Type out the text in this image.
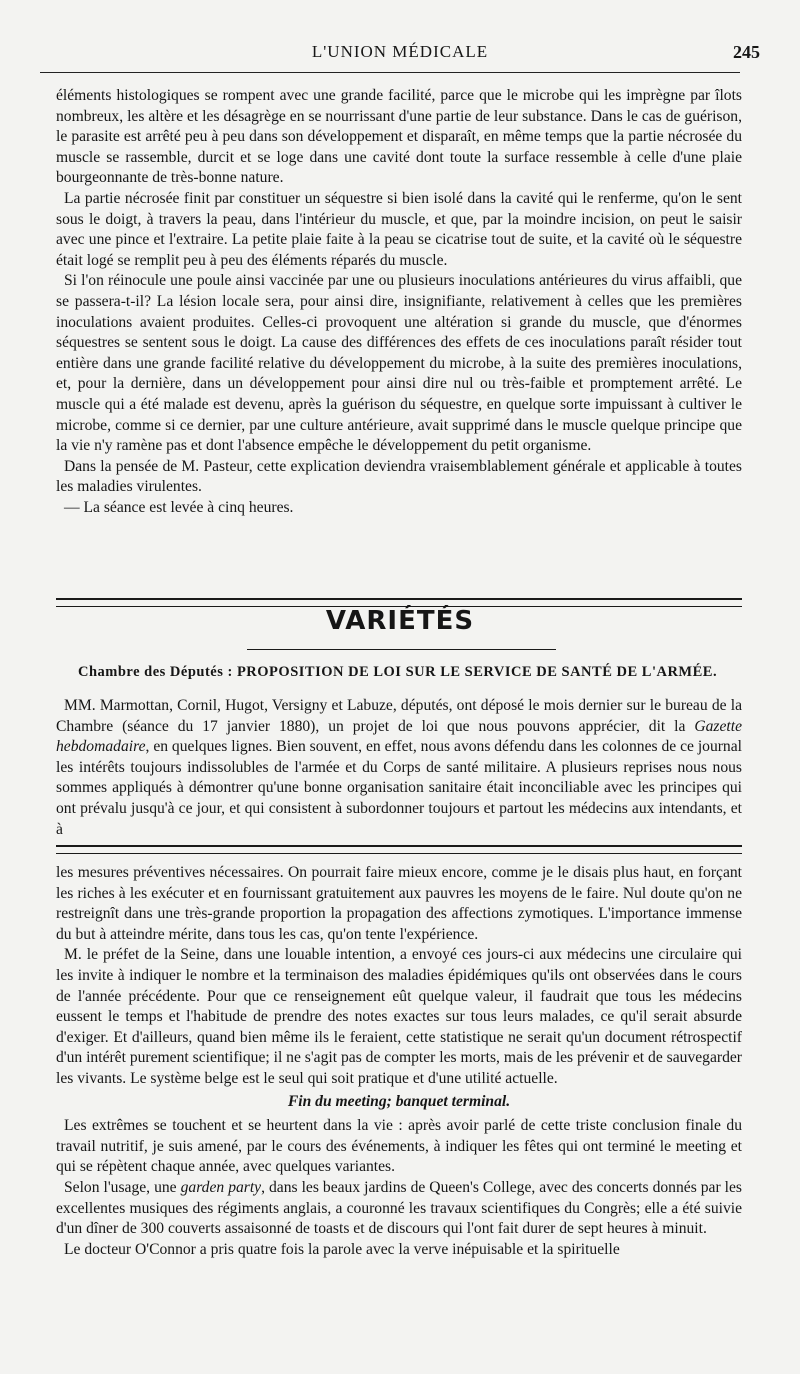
L'UNION MÉDICALE	245

éléments histologiques se rompent avec une grande facilité, parce que le microbe qui les imprègne par îlots nombreux, les altère et les désagrège en se nourrissant d'une partie de leur substance. Dans le cas de guérison, le parasite est arrêté peu à peu dans son développement et disparaît, en même temps que la partie nécrosée du muscle se rassemble, durcit et se loge dans une cavité dont toute la surface ressemble à celle d'une plaie bourgeonnante de très-bonne nature.

La partie nécrosée finit par constituer un séquestre si bien isolé dans la cavité qui le renferme, qu'on le sent sous le doigt, à travers la peau, dans l'intérieur du muscle, et que, par la moindre incision, on peut le saisir avec une pince et l'extraire. La petite plaie faite à la peau se cicatrise tout de suite, et la cavité où le séquestre était logé se remplit peu à peu des éléments réparés du muscle.

Si l'on réinocule une poule ainsi vaccinée par une ou plusieurs inoculations antérieures du virus affaibli, que se passera-t-il? La lésion locale sera, pour ainsi dire, insignifiante, relativement à celles que les premières inoculations avaient produites. Celles-ci provoquent une altération si grande du muscle, que d'énormes séquestres se sentent sous le doigt. La cause des différences des effets de ces inoculations paraît résider tout entière dans une grande facilité relative du développement du microbe, à la suite des premières inoculations, et, pour la dernière, dans un développement pour ainsi dire nul ou très-faible et promptement arrêté. Le muscle qui a été malade est devenu, après la guérison du séquestre, en quelque sorte impuissant à cultiver le microbe, comme si ce dernier, par une culture antérieure, avait supprimé dans le muscle quelque principe que la vie n'y ramène pas et dont l'absence empêche le développement du petit organisme.

Dans la pensée de M. Pasteur, cette explication deviendra vraisemblablement générale et applicable à toutes les maladies virulentes.

— La séance est levée à cinq heures.

VARIÉTÉS
Chambre des Députés : PROPOSITION DE LOI SUR LE SERVICE DE SANTÉ DE L'ARMÉE.

MM. Marmottan, Cornil, Hugot, Versigny et Labuze, députés, ont déposé le mois dernier sur le bureau de la Chambre (séance du 17 janvier 1880), un projet de loi que nous pouvons apprécier, dit la Gazette hebdomadaire, en quelques lignes. Bien souvent, en effet, nous avons défendu dans les colonnes de ce journal les intérêts toujours indissolubles de l'armée et du Corps de santé militaire. A plusieurs reprises nous nous sommes appliqués à démontrer qu'une bonne organisation sanitaire était inconciliable avec les principes qui ont prévalu jusqu'à ce jour, et qui consistent à subordonner toujours et partout les médecins aux intendants, et à

les mesures préventives nécessaires. On pourrait faire mieux encore, comme je le disais plus haut, en forçant les riches à les exécuter et en fournissant gratuitement aux pauvres les moyens de le faire. Nul doute qu'on ne restreignît dans une très-grande proportion la propagation des affections zymotiques. L'importance immense du but à atteindre mérite, dans tous les cas, qu'on tente l'expérience.

M. le préfet de la Seine, dans une louable intention, a envoyé ces jours-ci aux médecins une circulaire qui les invite à indiquer le nombre et la terminaison des maladies épidémiques qu'ils ont observées dans le cours de l'année précédente. Pour que ce renseignement eût quelque valeur, il faudrait que tous les médecins eussent le temps et l'habitude de prendre des notes exactes sur tous leurs malades, ce qu'il serait absurde d'exiger. Et d'ailleurs, quand bien même ils le feraient, cette statistique ne serait qu'un document rétrospectif d'un intérêt purement scientifique; il ne s'agit pas de compter les morts, mais de les prévenir et de sauvegarder les vivants. Le système belge est le seul qui soit pratique et d'une utilité actuelle.

Fin du meeting; banquet terminal.

Les extrêmes se touchent et se heurtent dans la vie : après avoir parlé de cette triste conclusion finale du travail nutritif, je suis amené, par le cours des événements, à indiquer les fêtes qui ont terminé le meeting et qui se répètent chaque année, avec quelques variantes.

Selon l'usage, une garden party, dans les beaux jardins de Queen's College, avec des concerts donnés par les excellentes musiques des régiments anglais, a couronné les travaux scientifiques du Congrès; elle a été suivie d'un dîner de 300 couverts assaisonné de toasts et de discours qui l'ont fait durer de sept heures à minuit.

Le docteur O'Connor a pris quatre fois la parole avec la verve inépuisable et la spirituelle
